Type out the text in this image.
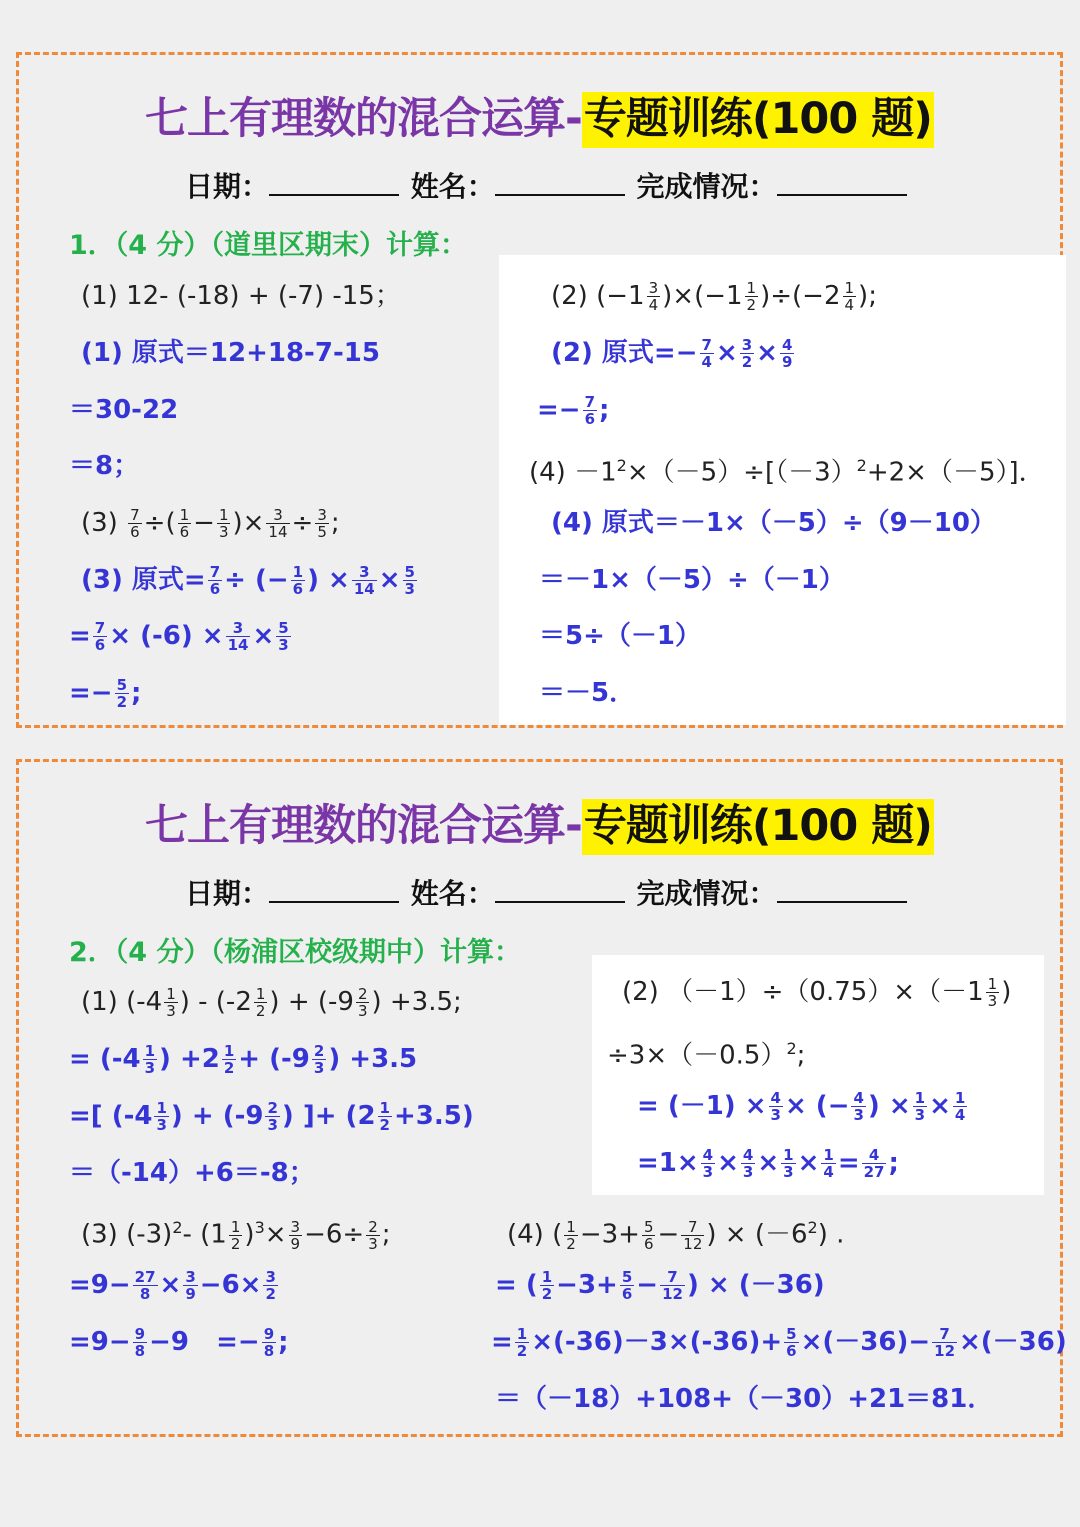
七上有理数的混合运算-专题训练(100 题)
日期：	姓名：	完成情况：
1．（4 分）（道里区期末）计算：
(1) 12- (-18) + (-7) -15；
(1) 原式＝12+18-7-15
＝30-22
＝8；
$(3) \frac{7}{6}$ ÷( $\frac{1}{6} - \frac{1}{3}$ )× $\frac{3}{14} \div \frac{3}{5}$ ;
(3) 原式= $\frac{7}{6}$ ÷ (− $\frac{1}{6}$ ) × $\frac{3}{14} \times \frac{5}{3}$
= $\frac{7}{6} \times (-6) \times \frac{3}{14} \times \frac{5}{3}$
=− $\frac{5}{2}$ ;
(2) $(-1 \frac{3}{4} )\times(-1 \frac{1}{2} )\div(-2 \frac{1}{4}$ );
(2) 原式=− $\frac{7}{4} \times \frac{3}{2} \times \frac{4}{9}$
=− $\frac{7}{6}$ ;
$(4) -1^2\times(-5)\div[(-3)^2+2\times(-5)]$．
(4) 原式＝－1×（－5）÷（9－10）
＝－1×（－5）÷（－1）
＝5÷（－1）
＝－5．
七上有理数的混合运算-专题训练(100 题)
日期：	姓名：	完成情况：
2．（4 分）（杨浦区校级期中）计算：
(1) ($-4 \frac{1}{3}$ ) - ($-2 \frac{1}{2}$ ) + ($-9 \frac{2}{3}$ ) +3.5;
= ($-4 \frac{1}{3}$ ) $+2 \frac{1}{2} + (-9 \frac{2}{3}$ ) +3.5
=[ ($-4 \frac{1}{3}$ ) + ($-9 \frac{2}{3}$ ) ]+ $(2 \frac{1}{2} +3.5)$
＝（-14）+6＝-8；
(2) $(-1)\div(0.75)\times(-1 \frac{1}{3}$ )
$\div 3\times(-0.5)^2$;
= $(-1) \times \frac{4}{3}$ × (− $\frac{4}{3}$ ) × $\frac{1}{3} \times \frac{1}{4}$
$=1\times \frac{4}{3} \times \frac{4}{3} \times \frac{1}{3} \times \frac{1}{4} = \frac{4}{27}$ ;
(3) $(-3)^2-$ $(1 \frac{1}{2} )^3\times \frac{3}{9} -6\div \frac{2}{3}$ ;
$=9- \frac{27}{8} \times \frac{3}{9} -6\times \frac{3}{2}$
$=9- \frac{9}{8} -9 =- \frac{9}{8}$ ;
(4) ( $\frac{1}{2} -3+ \frac{5}{6} - \frac{7}{12}$ ) × $(-6^2)$ .
= ( $\frac{1}{2} -3+ \frac{5}{6} - \frac{7}{12}$ ) × (－36)
= $\frac{1}{2} \times(-36)-3\times(-36)+ \frac{5}{6} \times(-36)- \frac{7}{12} \times(-36)$
＝（－18）+108+（－30）+21＝81．
